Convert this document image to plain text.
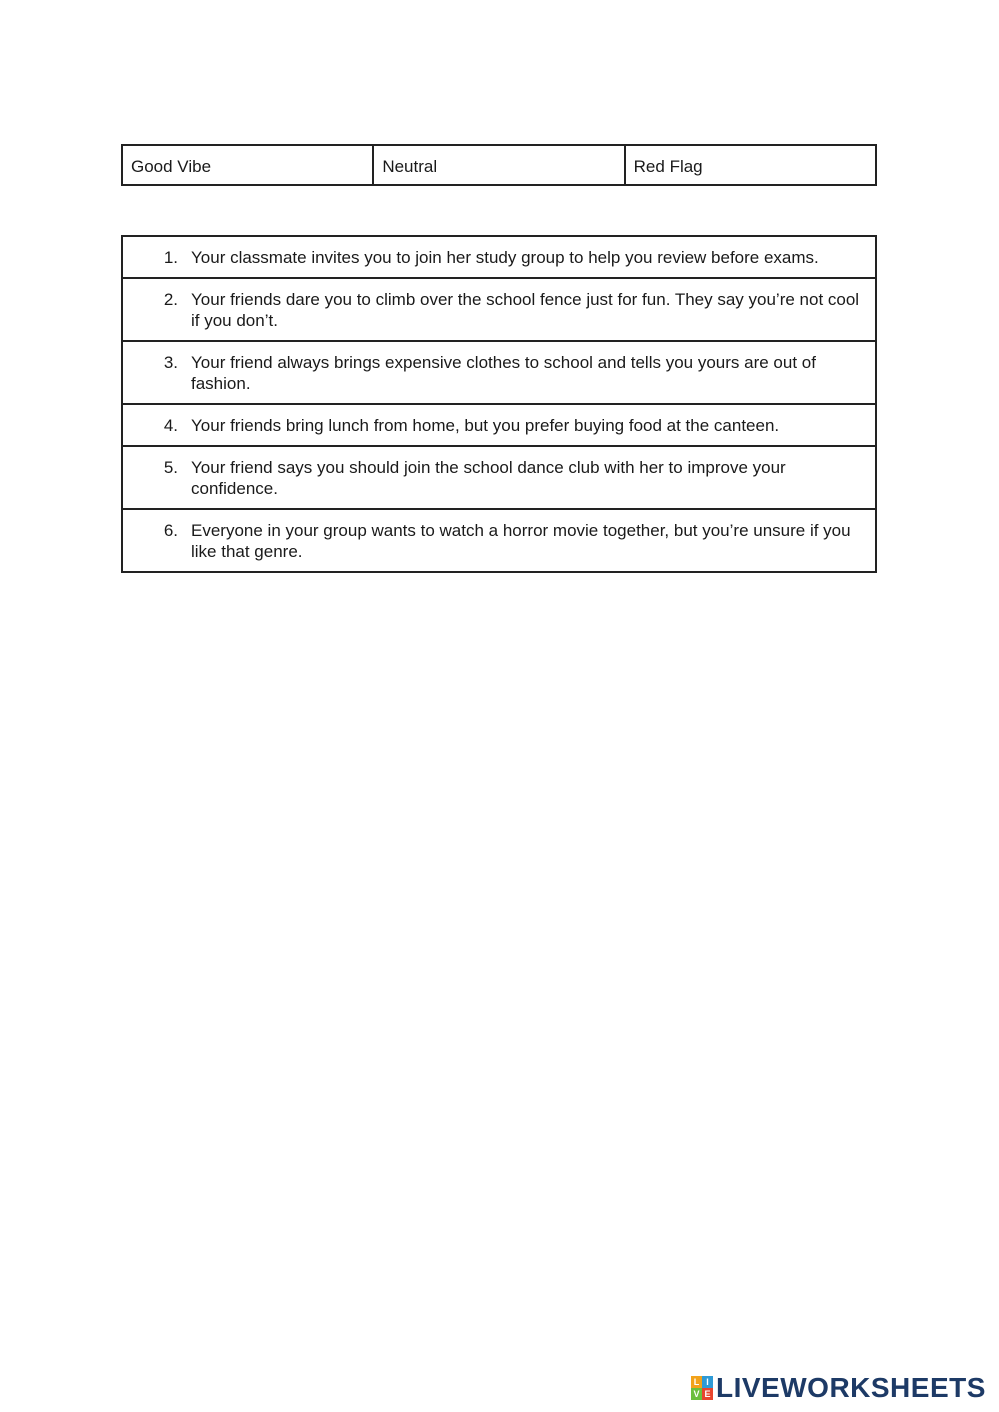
Good Vibe	Neutral	Red Flag
1. Your classmate invites you to join her study group to help you review before exams.
2. Your friends dare you to climb over the school fence just for fun. They say you’re not cool if you don’t.
3. Your friend always brings expensive clothes to school and tells you yours are out of fashion.
4. Your friends bring lunch from home, but you prefer buying food at the canteen.
5. Your friend says you should join the school dance club with her to improve your confidence.
6. Everyone in your group wants to watch a horror movie together, but you’re unsure if you like that genre.
L I
V E LIVEWORKSHEETS
